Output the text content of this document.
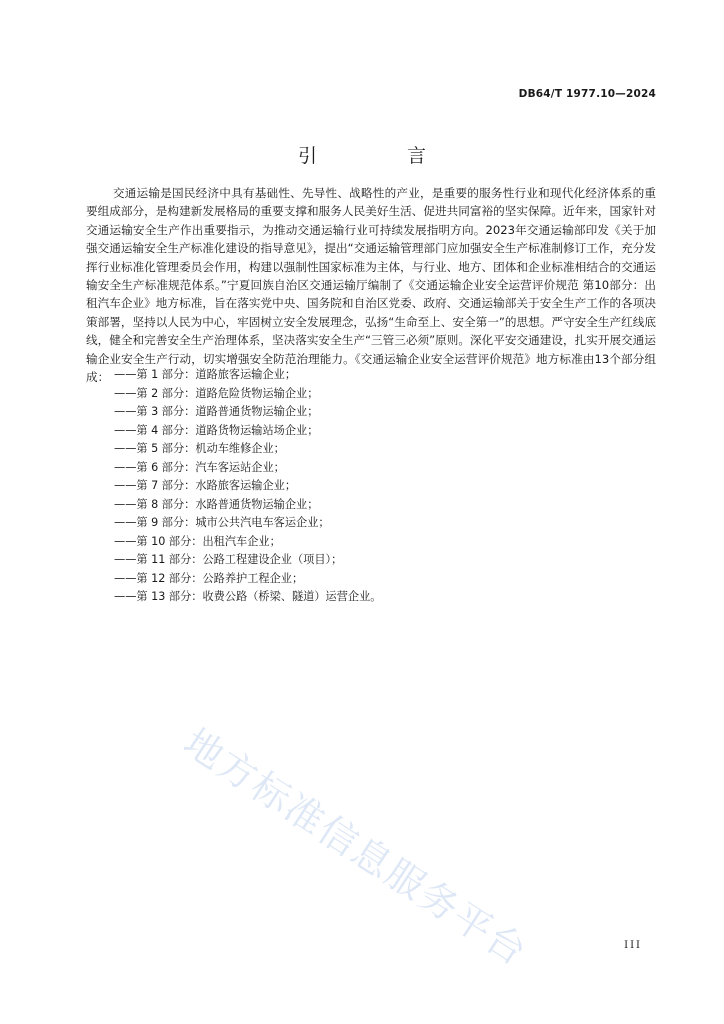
DB64/T 1977.10—2024
引 言

交通运输是国民经济中具有基础性、先导性、战略性的产业，是重要的服务性行业和现代化经济体系的重要组成部分，是构建新发展格局的重要支撑和服务人民美好生活、促进共同富裕的坚实保障。近年来，国家针对交通运输安全生产作出重要指示，为推动交通运输行业可持续发展指明方向。2023年交通运输部印发《关于加强交通运输安全生产标准化建设的指导意见》，提出“交通运输管理部门应加强安全生产标准制修订工作，充分发挥行业标准化管理委员会作用，构建以强制性国家标准为主体，与行业、地方、团体和企业标准相结合的交通运输安全生产标准规范体系。”宁夏回族自治区交通运输厅编制了《交通运输企业安全运营评价规范 第10部分：出租汽车企业》地方标准，旨在落实党中央、国务院和自治区党委、政府、交通运输部关于安全生产工作的各项决策部署，坚持以人民为中心，牢固树立安全发展理念，弘扬“生命至上、安全第一”的思想。严守安全生产红线底线，健全和完善安全生产治理体系，坚决落实安全生产“三管三必须”原则。深化平安交通建设，扎实开展交通运输企业安全生产行动，切实增强安全防范治理能力。《交通运输企业安全运营评价规范》地方标准由13个部分组成： ——第 1 部分：道路旅客运输企业；
——第 2 部分：道路危险货物运输企业；
——第 3 部分：道路普通货物运输企业；
——第 4 部分：道路货物运输站场企业；
——第 5 部分：机动车维修企业；
——第 6 部分：汽车客运站企业；
——第 7 部分：水路旅客运输企业；
——第 8 部分：水路普通货物运输企业；
——第 9 部分：城市公共汽电车客运企业；
——第 10 部分：出租汽车企业；
——第 11 部分：公路工程建设企业（项目）；
——第 12 部分：公路养护工程企业；
——第 13 部分：收费公路（桥梁、隧道）运营企业。
地方标准信息服务平台	III
